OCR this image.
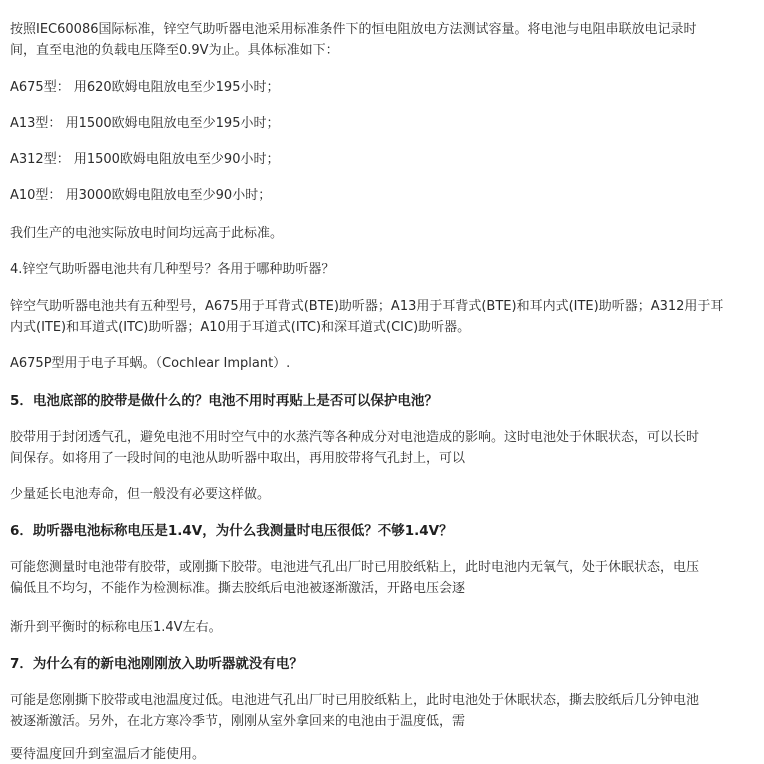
按照IEC60086国际标准，锌空气助听器电池采用标准条件下的恒电阻放电方法测试容量。将电池与电阻串联放电记录时
间，直至电池的负载电压降至0.9V为止。具体标准如下：
A675型： 用620欧姆电阻放电至少195小时；
A13型： 用1500欧姆电阻放电至少195小时；
A312型： 用1500欧姆电阻放电至少90小时；
A10型： 用3000欧姆电阻放电至少90小时；
我们生产的电池实际放电时间均远高于此标准。
4.锌空气助听器电池共有几种型号？各用于哪种助听器？
锌空气助听器电池共有五种型号，A675用于耳背式(BTE)助听器；A13用于耳背式(BTE)和耳内式(ITE)助听器；A312用于耳
内式(ITE)和耳道式(ITC)助听器；A10用于耳道式(ITC)和深耳道式(CIC)助听器。
A675P型用于电子耳蜗。（Cochlear Implant）.
5．电池底部的胶带是做什么的？电池不用时再贴上是否可以保护电池？
胶带用于封闭透气孔，避免电池不用时空气中的水蒸汽等各种成分对电池造成的影响。这时电池处于休眠状态，可以长时
间保存。如将用了一段时间的电池从助听器中取出，再用胶带将气孔封上，可以
少量延长电池寿命，但一般没有必要这样做。
6．助听器电池标称电压是1.4V，为什么我测量时电压很低？不够1.4V？
可能您测量时电池带有胶带，或刚撕下胶带。电池进气孔出厂时已用胶纸粘上，此时电池内无氧气，处于休眠状态，电压
偏低且不均匀，不能作为检测标准。撕去胶纸后电池被逐渐激活，开路电压会逐
渐升到平衡时的标称电压1.4V左右。
7．为什么有的新电池刚刚放入助听器就没有电？
可能是您刚撕下胶带或电池温度过低。电池进气孔出厂时已用胶纸粘上，此时电池处于休眠状态，撕去胶纸后几分钟电池
被逐渐激活。另外，在北方寒冷季节，刚刚从室外拿回来的电池由于温度低，需
要待温度回升到室温后才能使用。
